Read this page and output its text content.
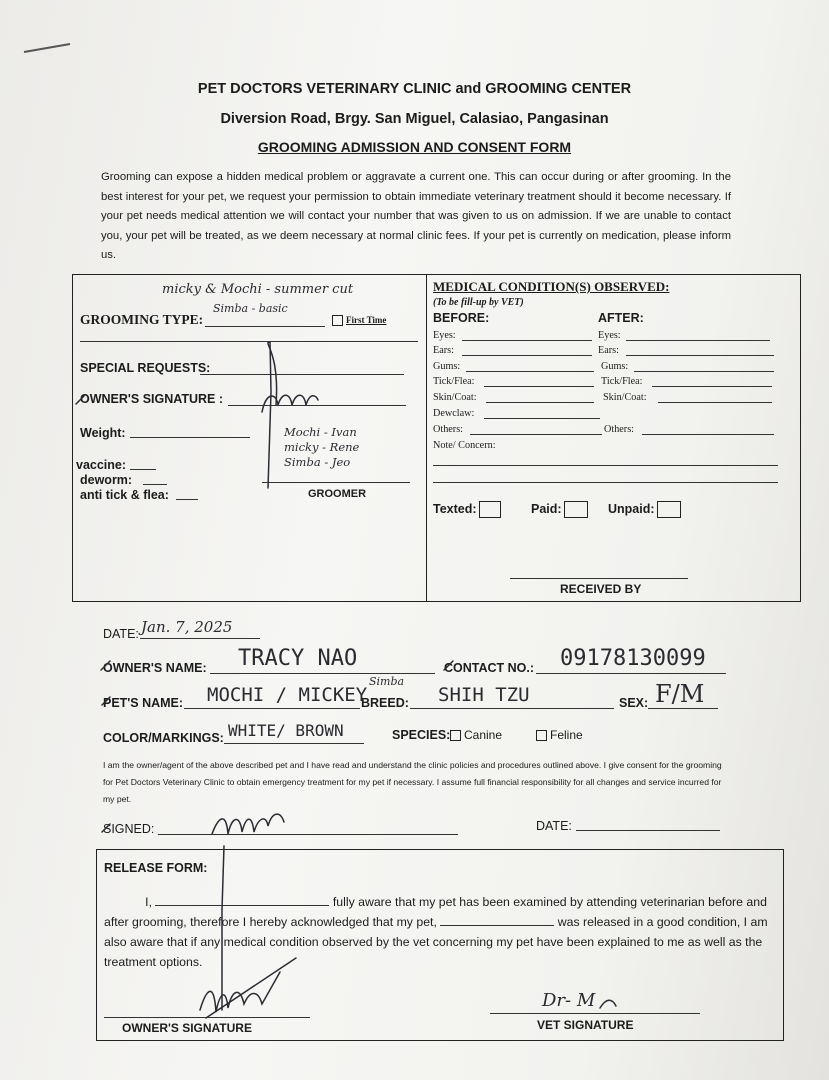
PET DOCTORS VETERINARY CLINIC and GROOMING CENTER
Diversion Road, Brgy. San Miguel, Calasiao, Pangasinan
GROOMING ADMISSION AND CONSENT FORM
Grooming can expose a hidden medical problem or aggravate a current one. This can occur during or after grooming. In the best interest for your pet, we request your permission to obtain immediate veterinary treatment should it become necessary. If your pet needs medical attention we will contact your number that was given to us on admission. If we are unable to contact you, your pet will be treated, as we deem necessary at normal clinic fees. If your pet is currently on medication, please inform us.
micky & Mochi - summer cut
Simba - basic
GROOMING TYPE:	First Time
SPECIAL REQUESTS:
OWNER'S SIGNATURE :
Weight:
vaccine:
deworm:
anti tick & flea:
Mochi - Ivan
micky - Rene
Simba - Jeo
GROOMER
MEDICAL CONDITION(S) OBSERVED:
(To be fill-up by VET)
BEFORE:	AFTER:
Eyes:	Eyes:
Ears:	Ears:
Gums:	Gums:
Tick/Flea:	Tick/Flea:
Skin/Coat:	Skin/Coat:
Dewclaw:
Others:	Others:
Note/ Concern:
Texted:	Paid:	Unpaid:
RECEIVED BY
DATE: Jan. 7, 2025
OWNER'S NAME: TRACY NAO	CONTACT NO.: 09178130099
PET'S NAME: MOCHI / MICKEY
Simba
BREED: SHIH TZU	SEX: F/M
COLOR/MARKINGS: WHITE/ BROWN	SPECIES:	Canine	Feline
I am the owner/agent of the above described pet and I have read and understand the clinic policies and procedures outlined above. I give consent for the grooming for Pet Doctors Veterinary Clinic to obtain emergency treatment for my pet if necessary. I assume full financial responsibility for all changes and service incurred for my pet.
SIGNED:	DATE:
RELEASE FORM:
I,	fully aware that my pet has been examined by attending veterinarian before and after grooming, therefore I hereby acknowledged that my pet,	was released in a good condition, I am also aware that if any medical condition observed by the vet concerning my pet have been explained to me as well as the treatment options.
Dr- M
OWNER'S SIGNATURE	VET SIGNATURE
